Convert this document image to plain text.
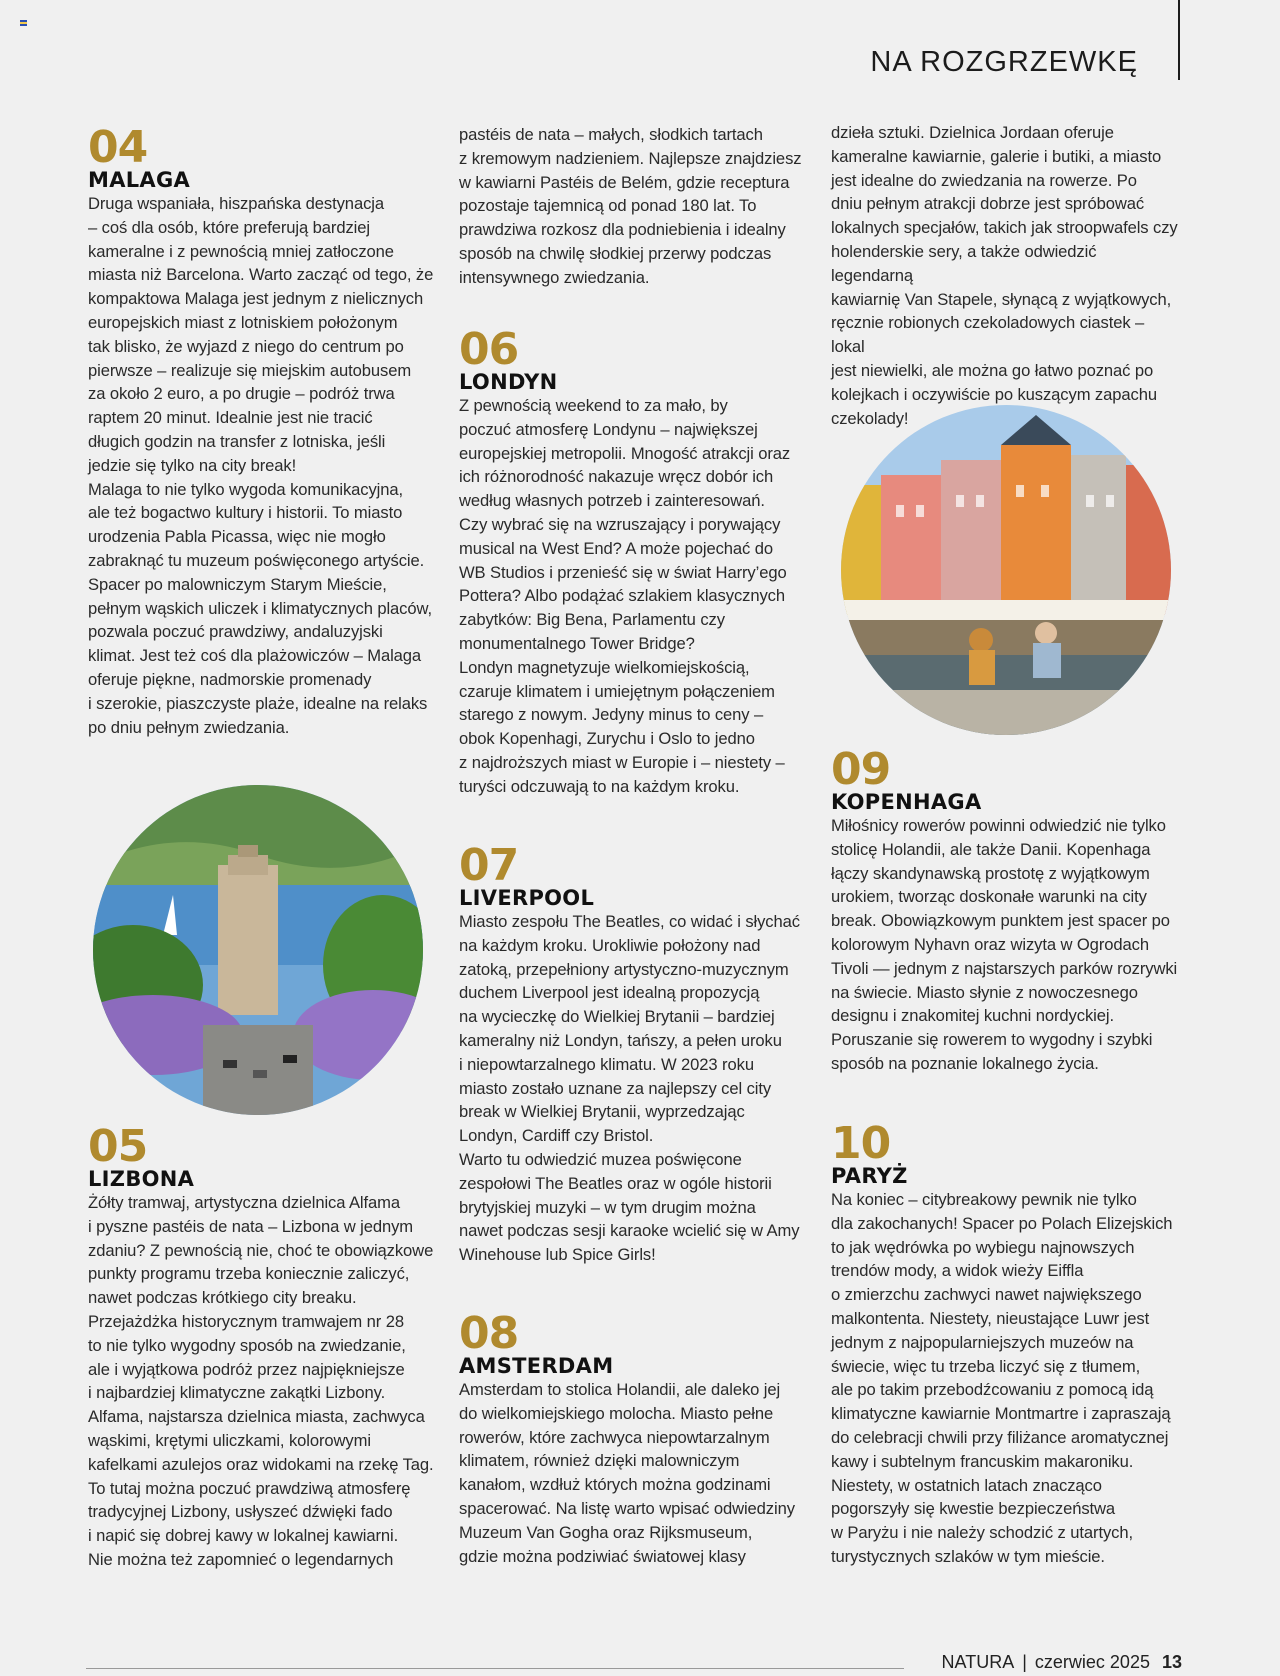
NA ROZGRZEWKĘ
04
MALAGA
Druga wspaniała, hiszpańska destynacja
– coś dla osób, które preferują bardziej
kameralne i z pewnością mniej zatłoczone
miasta niż Barcelona. Warto zacząć od tego, że
kompaktowa Malaga jest jednym z nielicznych
europejskich miast z lotniskiem położonym
tak blisko, że wyjazd z niego do centrum po
pierwsze – realizuje się miejskim autobusem
za około 2 euro, a po drugie – podróż trwa
raptem 20 minut. Idealnie jest nie tracić
długich godzin na transfer z lotniska, jeśli
jedzie się tylko na city break!
Malaga to nie tylko wygoda komunikacyjna,
ale też bogactwo kultury i historii. To miasto
urodzenia Pabla Picassa, więc nie mogło
zabraknąć tu muzeum poświęconego artyście.
Spacer po malowniczym Starym Mieście,
pełnym wąskich uliczek i klimatycznych placów,
pozwala poczuć prawdziwy, andaluzyjski
klimat. Jest też coś dla plażowiczów – Malaga
oferuje piękne, nadmorskie promenady
i szerokie, piaszczyste plaże, idealne na relaks
po dniu pełnym zwiedzania.
05
LIZBONA
Żółty tramwaj, artystyczna dzielnica Alfama
i pyszne pastéis de nata – Lizbona w jednym
zdaniu? Z pewnością nie, choć te obowiązkowe
punkty programu trzeba koniecznie zaliczyć,
nawet podczas krótkiego city breaku.
Przejażdżka historycznym tramwajem nr 28
to nie tylko wygodny sposób na zwiedzanie,
ale i wyjątkowa podróż przez najpiękniejsze
i najbardziej klimatyczne zakątki Lizbony.
Alfama, najstarsza dzielnica miasta, zachwyca
wąskimi, krętymi uliczkami, kolorowymi
kafelkami azulejos oraz widokami na rzekę Tag.
To tutaj można poczuć prawdziwą atmosferę
tradycyjnej Lizbony, usłyszeć dźwięki fado
i napić się dobrej kawy w lokalnej kawiarni.
Nie można też zapomnieć o legendarnych
pastéis de nata – małych, słodkich tartach
z kremowym nadzieniem. Najlepsze znajdziesz
w kawiarni Pastéis de Belém, gdzie receptura
pozostaje tajemnicą od ponad 180 lat. To
prawdziwa rozkosz dla podniebienia i idealny
sposób na chwilę słodkiej przerwy podczas
intensywnego zwiedzania.
06
LONDYN
Z pewnością weekend to za mało, by
poczuć atmosferę Londynu – największej
europejskiej metropolii. Mnogość atrakcji oraz
ich różnorodność nakazuje wręcz dobór ich
według własnych potrzeb i zainteresowań.
Czy wybrać się na wzruszający i porywający
musical na West End? A może pojechać do
WB Studios i przenieść się w świat Harry’ego
Pottera? Albo podążać szlakiem klasycznych
zabytków: Big Bena, Parlamentu czy
monumentalnego Tower Bridge?
Londyn magnetyzuje wielkomiejskością,
czaruje klimatem i umiejętnym połączeniem
starego z nowym. Jedyny minus to ceny –
obok Kopenhagi, Zurychu i Oslo to jedno
z najdroższych miast w Europie i – niestety –
turyści odczuwają to na każdym kroku.
07
LIVERPOOL
Miasto zespołu The Beatles, co widać i słychać
na każdym kroku. Urokliwie położony nad
zatoką, przepełniony artystyczno-muzycznym
duchem Liverpool jest idealną propozycją
na wycieczkę do Wielkiej Brytanii – bardziej
kameralny niż Londyn, tańszy, a pełen uroku
i niepowtarzalnego klimatu. W 2023 roku
miasto zostało uznane za najlepszy cel city
break w Wielkiej Brytanii, wyprzedzając
Londyn, Cardiff czy Bristol.
Warto tu odwiedzić muzea poświęcone
zespołowi The Beatles oraz w ogóle historii
brytyjskiej muzyki – w tym drugim można
nawet podczas sesji karaoke wcielić się w Amy
Winehouse lub Spice Girls!
08
AMSTERDAM
Amsterdam to stolica Holandii, ale daleko jej
do wielkomiejskiego molocha. Miasto pełne
rowerów, które zachwyca niepowtarzalnym
klimatem, również dzięki malowniczym
kanałom, wzdłuż których można godzinami
spacerować. Na listę warto wpisać odwiedziny
Muzeum Van Gogha oraz Rijksmuseum,
gdzie można podziwiać światowej klasy
dzieła sztuki. Dzielnica Jordaan oferuje
kameralne kawiarnie, galerie i butiki, a miasto
jest idealne do zwiedzania na rowerze. Po
dniu pełnym atrakcji dobrze jest spróbować
lokalnych specjałów, takich jak stroopwafels czy
holenderskie sery, a także odwiedzić legendarną
kawiarnię Van Stapele, słynącą z wyjątkowych,
ręcznie robionych czekoladowych ciastek – lokal
jest niewielki, ale można go łatwo poznać po
kolejkach i oczywiście po kuszącym zapachu
czekolady!
09
KOPENHAGA
Miłośnicy rowerów powinni odwiedzić nie tylko
stolicę Holandii, ale także Danii. Kopenhaga
łączy skandynawską prostotę z wyjątkowym
urokiem, tworząc doskonałe warunki na city
break. Obowiązkowym punktem jest spacer po
kolorowym Nyhavn oraz wizyta w Ogrodach
Tivoli — jednym z najstarszych parków rozrywki
na świecie. Miasto słynie z nowoczesnego
designu i znakomitej kuchni nordyckiej.
Poruszanie się rowerem to wygodny i szybki
sposób na poznanie lokalnego życia.
10
PARYŻ
Na koniec – citybreakowy pewnik nie tylko
dla zakochanych! Spacer po Polach Elizejskich
to jak wędrówka po wybiegu najnowszych
trendów mody, a widok wieży Eiffla
o zmierzchu zachwyci nawet największego
malkontenta. Niestety, nieustające Luwr jest
jednym z najpopularniejszych muzeów na
świecie, więc tu trzeba liczyć się z tłumem,
ale po takim przebodźcowaniu z pomocą idą
klimatyczne kawiarnie Montmartre i zapraszają
do celebracji chwili przy filiżance aromatycznej
kawy i subtelnym francuskim makaroniku.
Niestety, w ostatnich latach znacząco
pogorszyły się kwestie bezpieczeństwa
w Paryżu i nie należy schodzić z utartych,
turystycznych szlaków w tym mieście.
NATURA | czerwiec 2025 13
